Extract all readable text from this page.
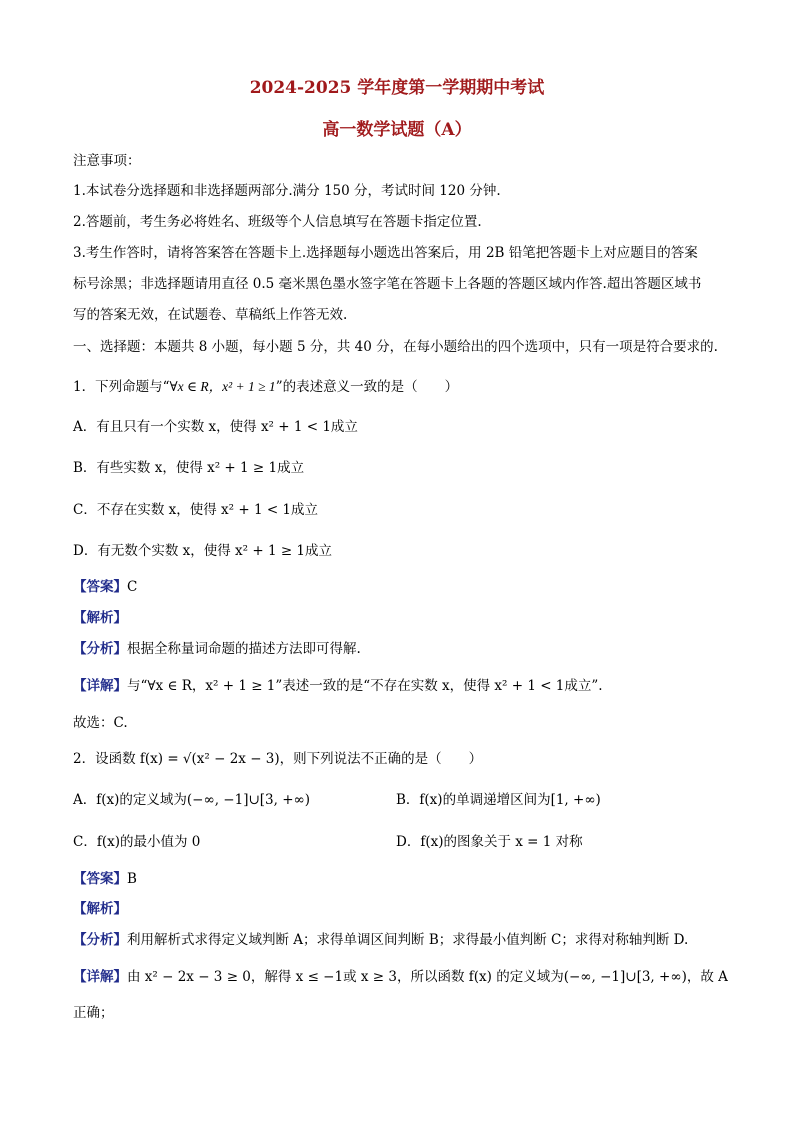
2024-2025 学年度第一学期期中考试
高一数学试题（A）
注意事项：
1.本试卷分选择题和非选择题两部分.满分 150 分，考试时间 120 分钟.
2.答题前，考生务必将姓名、班级等个人信息填写在答题卡指定位置.
3.考生作答时，请将答案答在答题卡上.选择题每小题选出答案后，用 2B 铅笔把答题卡上对应题目的答案
标号涂黑；非选择题请用直径 0.5 毫米黑色墨水签字笔在答题卡上各题的答题区域内作答.超出答题区域书
写的答案无效，在试题卷、草稿纸上作答无效.
一、选择题：本题共 8 小题，每小题 5 分，共 40 分，在每小题给出的四个选项中，只有一项是符合要求的.
1．下列命题与“∀x ∈ R，x² + 1 ≥ 1”的表述意义一致的是（　　）
A．有且只有一个实数 x，使得 x² + 1 < 1成立
B．有些实数 x，使得 x² + 1 ≥ 1成立
C．不存在实数 x，使得 x² + 1 < 1成立
D．有无数个实数 x，使得 x² + 1 ≥ 1成立
【答案】C
【解析】
【分析】根据全称量词命题的描述方法即可得解.
【详解】与“∀x ∈ R，x² + 1 ≥ 1”表述一致的是“不存在实数 x，使得 x² + 1 < 1成立”.
故选：C.
2．设函数 f(x) = √(x² − 2x − 3)，则下列说法不正确的是（　　）
A．f(x)的定义域为(−∞, −1]∪[3, +∞)	B．f(x)的单调递增区间为[1, +∞)
C．f(x)的最小值为 0	D．f(x)的图象关于 x = 1 对称
【答案】B
【解析】
【分析】利用解析式求得定义域判断 A；求得单调区间判断 B；求得最小值判断 C；求得对称轴判断 D.
【详解】由 x² − 2x − 3 ≥ 0，解得 x ≤ −1或 x ≥ 3，所以函数 f(x) 的定义域为(−∞, −1]∪[3, +∞)，故 A
正确；
